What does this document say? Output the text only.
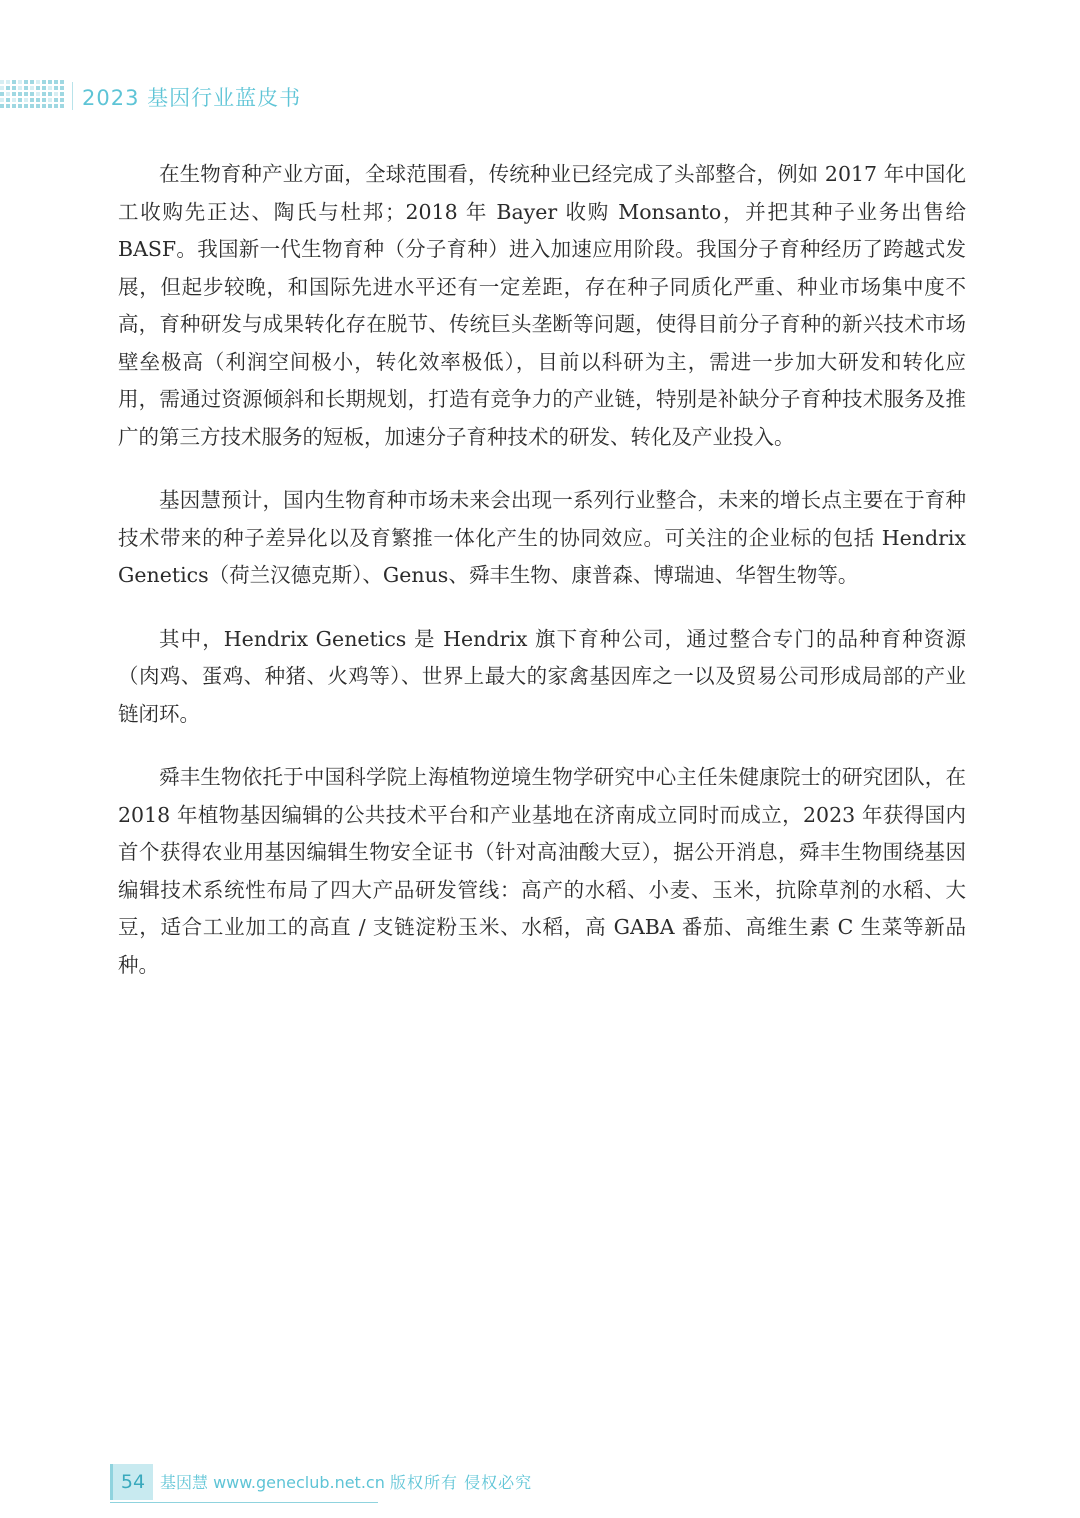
2023 基因行业蓝皮书

在生物育种产业方面，全球范围看，传统种业已经完成了头部整合，例如 2017 年中国化工收购先正达、陶氏与杜邦；2018 年 Bayer 收购 Monsanto，并把其种子业务出售给 BASF。我国新一代生物育种（分子育种）进入加速应用阶段。我国分子育种经历了跨越式发展，但起步较晚，和国际先进水平还有一定差距，存在种子同质化严重、种业市场集中度不高，育种研发与成果转化存在脱节、传统巨头垄断等问题，使得目前分子育种的新兴技术市场壁垒极高（利润空间极小，转化效率极低），目前以科研为主，需进一步加大研发和转化应用，需通过资源倾斜和长期规划，打造有竞争力的产业链，特别是补缺分子育种技术服务及推广的第三方技术服务的短板，加速分子育种技术的研发、转化及产业投入。

基因慧预计，国内生物育种市场未来会出现一系列行业整合，未来的增长点主要在于育种技术带来的种子差异化以及育繁推一体化产生的协同效应。可关注的企业标的包括 Hendrix Genetics（荷兰汉德克斯）、Genus、舜丰生物、康普森、博瑞迪、华智生物等。

其中，Hendrix Genetics 是 Hendrix 旗下育种公司，通过整合专门的品种育种资源（肉鸡、蛋鸡、种猪、火鸡等）、世界上最大的家禽基因库之一以及贸易公司形成局部的产业链闭环。

舜丰生物依托于中国科学院上海植物逆境生物学研究中心主任朱健康院士的研究团队，在 2018 年植物基因编辑的公共技术平台和产业基地在济南成立同时而成立，2023 年获得国内首个获得农业用基因编辑生物安全证书（针对高油酸大豆），据公开消息，舜丰生物围绕基因编辑技术系统性布局了四大产品研发管线：高产的水稻、小麦、玉米，抗除草剂的水稻、大豆，适合工业加工的高直 / 支链淀粉玉米、水稻，高 GABA 番茄、高维生素 C 生菜等新品种。

54 基因慧 www.geneclub.net.cn 版权所有 侵权必究
